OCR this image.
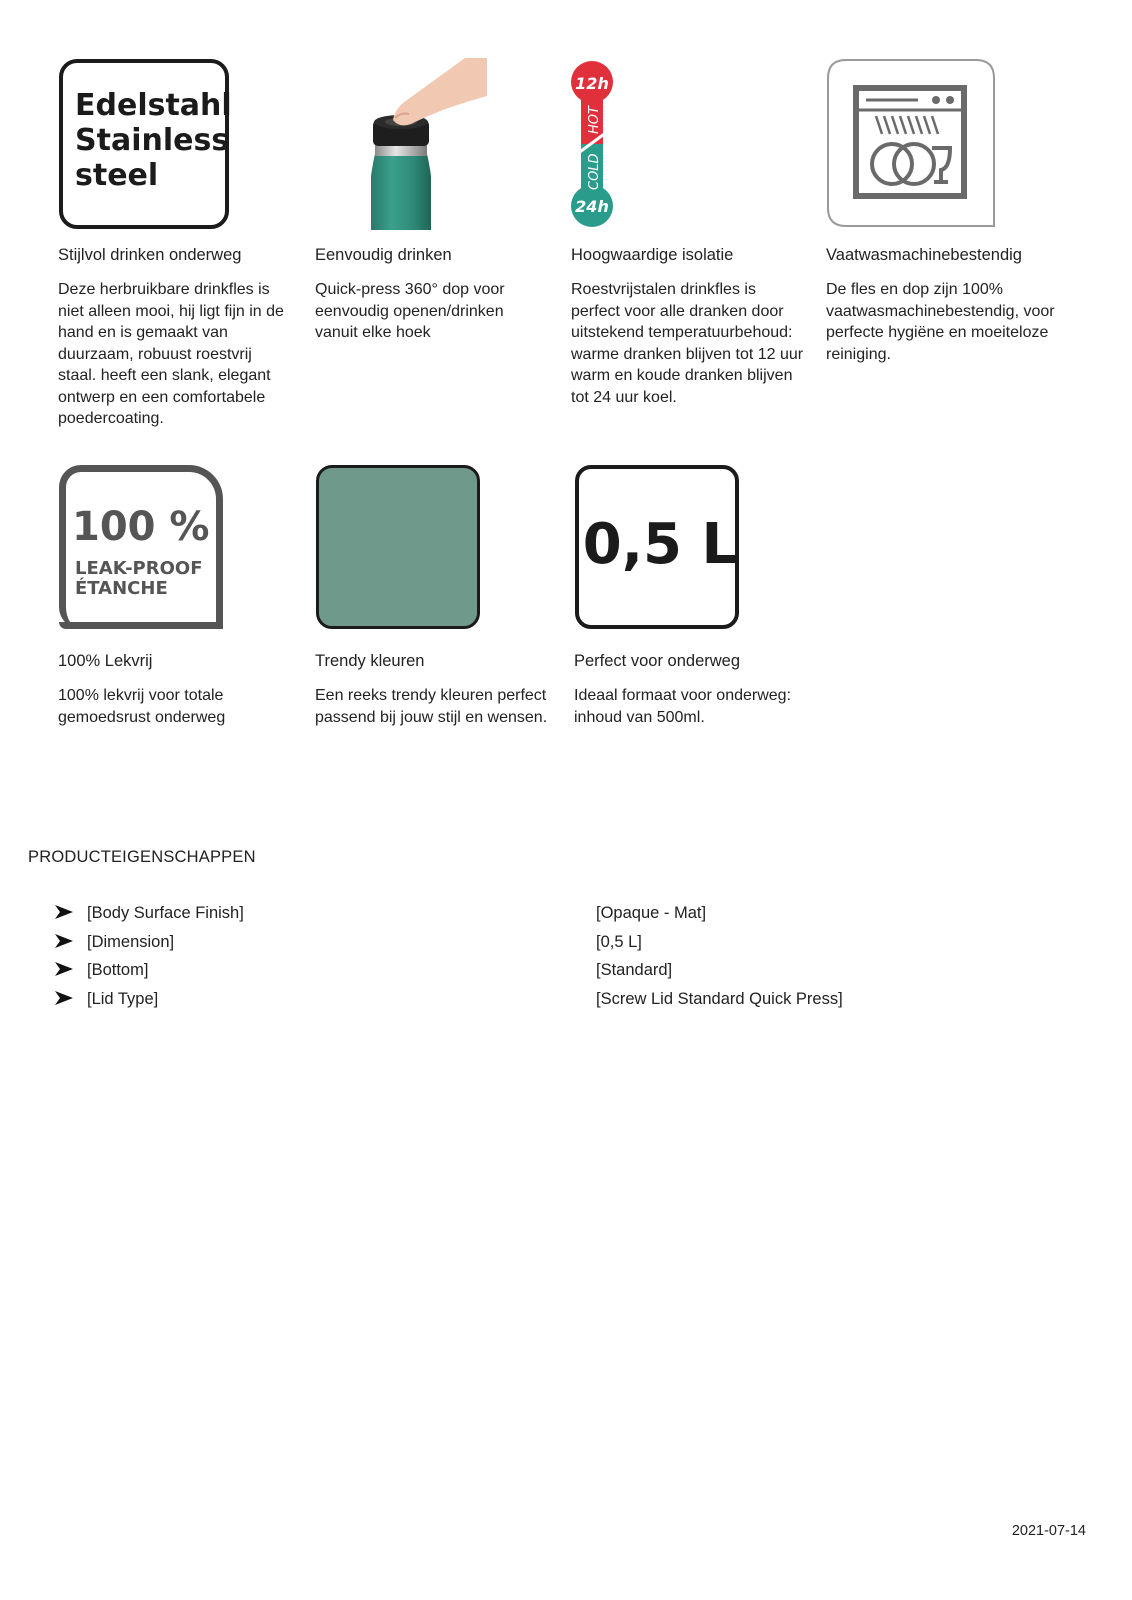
Edelstahl
Stainless
steel
Stijlvol drinken onderweg
Deze herbruikbare drinkfles is niet alleen mooi, hij ligt fijn in de hand en is gemaakt van duurzaam, robuust roestvrij staal. heeft een slank, elegant ontwerp en een comfortabele poedercoating.
Eenvoudig drinken
Quick-press 360° dop voor eenvoudig openen/drinken vanuit elke hoek
12h
24h
HOT
COLD
Hoogwaardige isolatie
Roestvrijstalen drinkfles is perfect voor alle dranken door uitstekend temperatuurbehoud: warme dranken blijven tot 12 uur warm en koude dranken blijven tot 24 uur koel.
Vaatwasmachinebestendig
De fles en dop zijn 100% vaatwasmachinebestendig, voor perfecte hygiëne en moeiteloze reiniging.
100 %
LEAK-PROOF
ÉTANCHE
100% Lekvrij
100% lekvrij voor totale gemoedsrust onderweg
Trendy kleuren
Een reeks trendy kleuren perfect passend bij jouw stijl en wensen.
0,5 L
Perfect voor onderweg
Ideaal formaat voor onderweg: inhoud van 500ml.
PRODUCTEIGENSCHAPPEN
[Body Surface Finish]	[Opaque - Mat]
[Dimension]	[0,5 L]
[Bottom]	[Standard]
[Lid Type]	[Screw Lid Standard Quick Press]
2021-07-14
